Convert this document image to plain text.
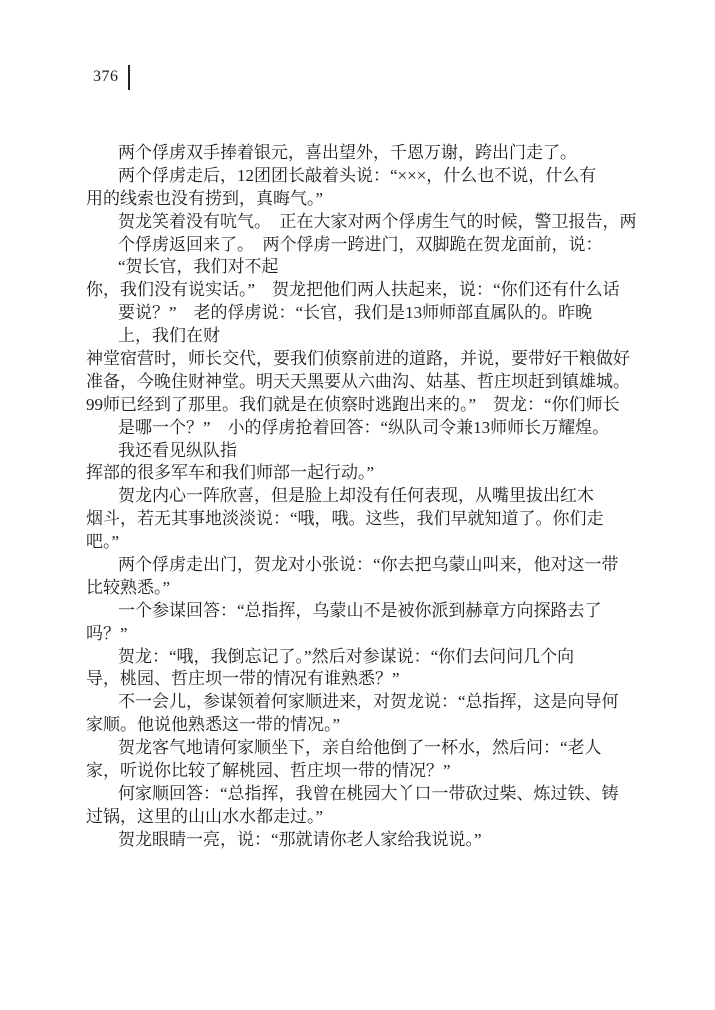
376
两个俘虏双手捧着银元，喜出望外，千恩万谢，跨出门走了。
两个俘虏走后，12团团长敲着头说：“×××，什么也不说，什么有
用的线索也没有捞到，真晦气。”
贺龙笑着没有吭气。　正在大家对两个俘虏生气的时候，警卫报告，两
个俘虏返回来了。　两个俘虏一跨进门，双脚跪在贺龙面前，说：
“贺长官，我们对不起
你，我们没有说实话。”　贺龙把他们两人扶起来，说：“你们还有什么话
要说？”　老的俘虏说：“长官，我们是13师师部直属队的。昨晚
上，我们在财
神堂宿营时，师长交代，要我们侦察前进的道路，并说，要带好干粮做好
准备，今晚住财神堂。明天天黑要从六曲沟、姑基、哲庄坝赶到镇雄城。
99师已经到了那里。我们就是在侦察时逃跑出来的。”　贺龙：“你们师长
是哪一个？”　小的俘虏抢着回答：“纵队司令兼13师师长万耀煌。
我还看见纵队指
挥部的很多军车和我们师部一起行动。”
贺龙内心一阵欣喜，但是脸上却没有任何表现，从嘴里拔出红木
烟斗，若无其事地淡淡说：“哦，哦。这些，我们早就知道了。你们走
吧。”
两个俘虏走出门，贺龙对小张说：“你去把乌蒙山叫来，他对这一带
比较熟悉。”
一个参谋回答：“总指挥，乌蒙山不是被你派到赫章方向探路去了
吗？”
贺龙：“哦，我倒忘记了。”然后对参谋说：“你们去问问几个向
导，桃园、哲庄坝一带的情况有谁熟悉？”
不一会儿，参谋领着何家顺进来，对贺龙说：“总指挥，这是向导何
家顺。他说他熟悉这一带的情况。”
贺龙客气地请何家顺坐下，亲自给他倒了一杯水，然后问：“老人
家，听说你比较了解桃园、哲庄坝一带的情况？”
何家顺回答：“总指挥，我曾在桃园大丫口一带砍过柴、炼过铁、铸
过锅，这里的山山水水都走过。”
贺龙眼睛一亮，说：“那就请你老人家给我说说。”
